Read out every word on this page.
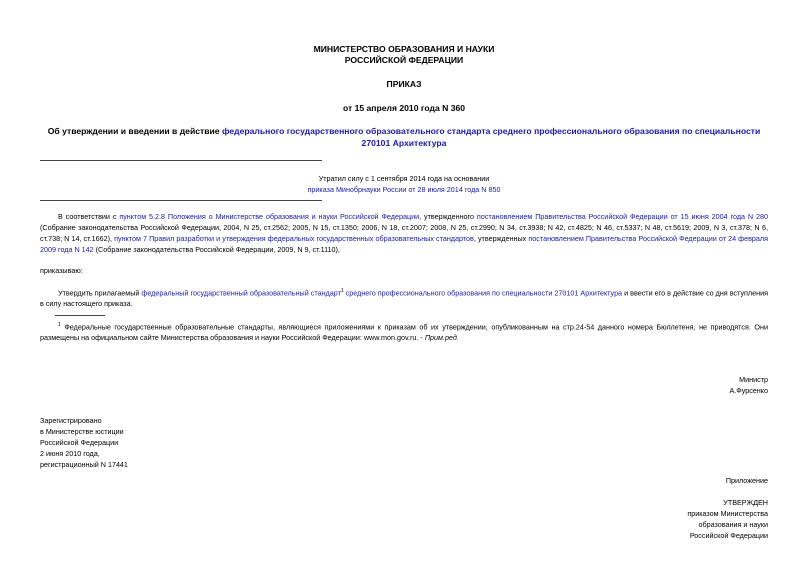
МИНИСТЕРСТВО ОБРАЗОВАНИЯ И НАУКИ
РОССИЙСКОЙ ФЕДЕРАЦИИ
ПРИКАЗ
от 15 апреля 2010 года N 360
Об утверждении и введении в действие федерального государственного образовательного стандарта среднего профессионального образования по специальности 270101 Архитектура
Утратил силу с 1 сентября 2014 года на основании
приказа Минобрнауки России от 28 июля 2014 года N 850
В соответствии с пунктом 5.2.8 Положения о Министерстве образования и науки Российской Федерации, утвержденного постановлением Правительства Российской Федерации от 15 июня 2004 года N 280 (Собрание законодательства Российской Федерации, 2004, N 25, ст.2562; 2005, N 15, ст.1350; 2006, N 18, ст.2007; 2008, N 25, ст.2990; N 34, ст.3938; N 42, ст.4825; N 46, ст.5337; N 48, ст.5619; 2009, N 3, ст.378; N 6, ст.738; N 14, ст.1662), пунктом 7 Правил разработки и утверждения федеральных государственных образовательных стандартов, утвержденных постановлением Правительства Российской Федерации от 24 февраля 2009 года N 142 (Собрание законодательства Российской Федерации, 2009, N 9, ст.1110),
приказываю:
Утвердить прилагаемый федеральный государственный образовательный стандарт$^1$ среднего профессионального образования по специальности 270101 Архитектура и ввести его в действие со дня вступления в силу настоящего приказа.
$^1$ Федеральные государственные образовательные стандарты, являющиеся приложениями к приказам об их утверждении, опубликованным на стр.24-54 данного номера Бюллетеня, не приводятся. Они размещены на официальном сайте Министерства образования и науки Российской Федерации: www.mon.gov.ru. - Прим.ред.
Министр
А.Фурсенко
Зарегистрировано
в Министерстве юстиции
Российской Федерации
2 июня 2010 года,
регистрационный N 17441
Приложение
УТВЕРЖДЕН
приказом Министерства
образования и науки
Российской Федерации
